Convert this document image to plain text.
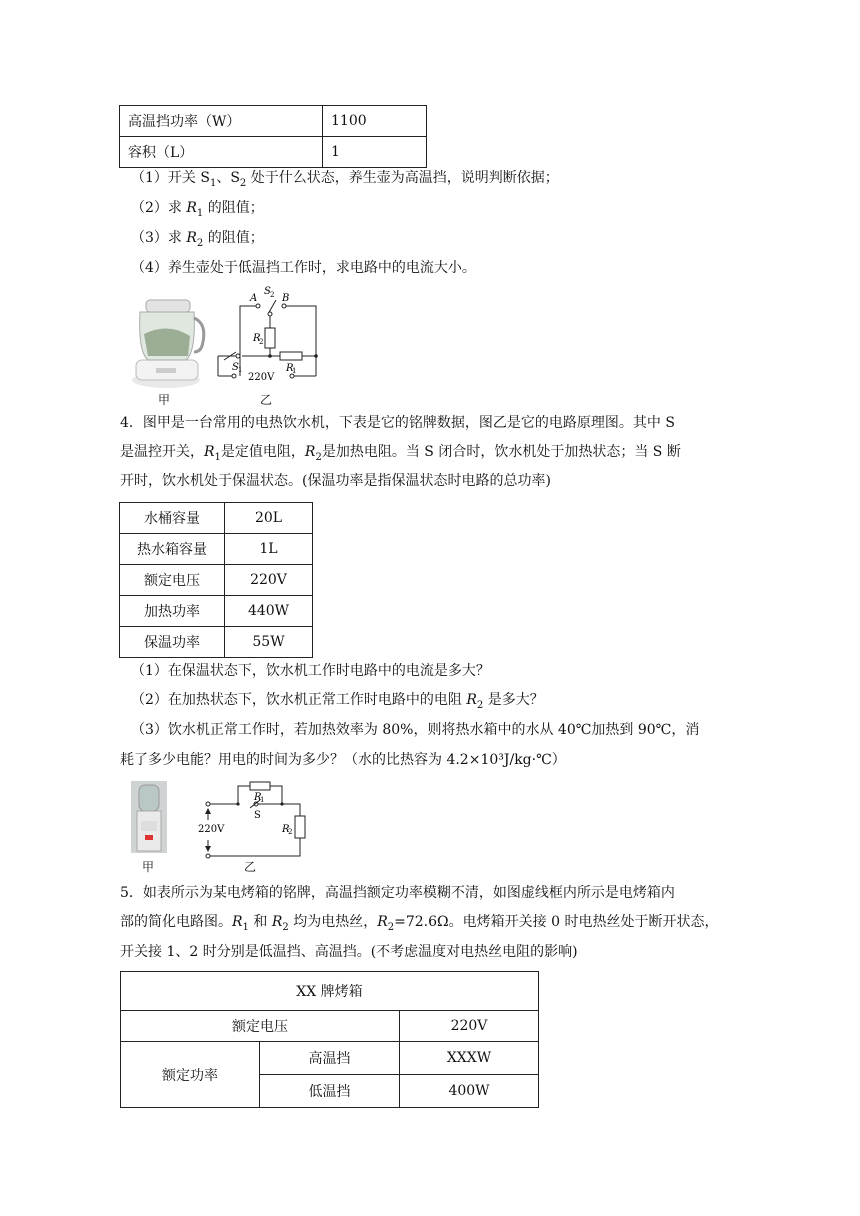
高温挡功率（W）	1100
容积（L）	1
（1）开关 $S_1$、$S_2$ 处于什么状态，养生壶为高温挡，说明判断依据；
（2）求 $R_1$ 的阻值；
（3）求 $R_2$ 的阻值；
（4）养生壶处于低温挡工作时，求电路中的电流大小。
甲
A B
S 2
R
2
S 1	R
1
220V
乙
4．图甲是一台常用的电热饮水机，下表是它的铭牌数据，图乙是它的电路原理图。其中 S
是温控开关，$R_1$是定值电阻，$R_2$是加热电阻。当 S 闭合时，饮水机处于加热状态；当 S 断
开时，饮水机处于保温状态。(保温功率是指保温状态时电路的总功率)
水桶容量	20L
热水箱容量	1L
额定电压	220V
加热功率	440W
保温功率	55W
（1）在保温状态下，饮水机工作时电路中的电流是多大？
（2）在加热状态下，饮水机正常工作时电路中的电阻 $R_2$ 是多大？
（3）饮水机正常工作时，若加热效率为 80%，则将热水箱中的水从 40℃加热到 90℃，消
耗了多少电能？用电的时间为多少？（水的比热容为 4.2×10³J/kg·℃）
甲
220V
R
1
S
R
2
乙
5．如表所示为某电烤箱的铭牌，高温挡额定功率模糊不清，如图虚线框内所示是电烤箱内
部的简化电路图。$R_1$ 和 $R_2$ 均为电热丝，$R_2=72.6\Omega$。电烤箱开关接 0 时电热丝处于断开状态，
开关接 1、2 时分别是低温挡、高温挡。(不考虑温度对电热丝电阻的影响)
XX 牌烤箱		
额定电压		220V
额定功率	高温挡	XXXW
	低温挡	400W
